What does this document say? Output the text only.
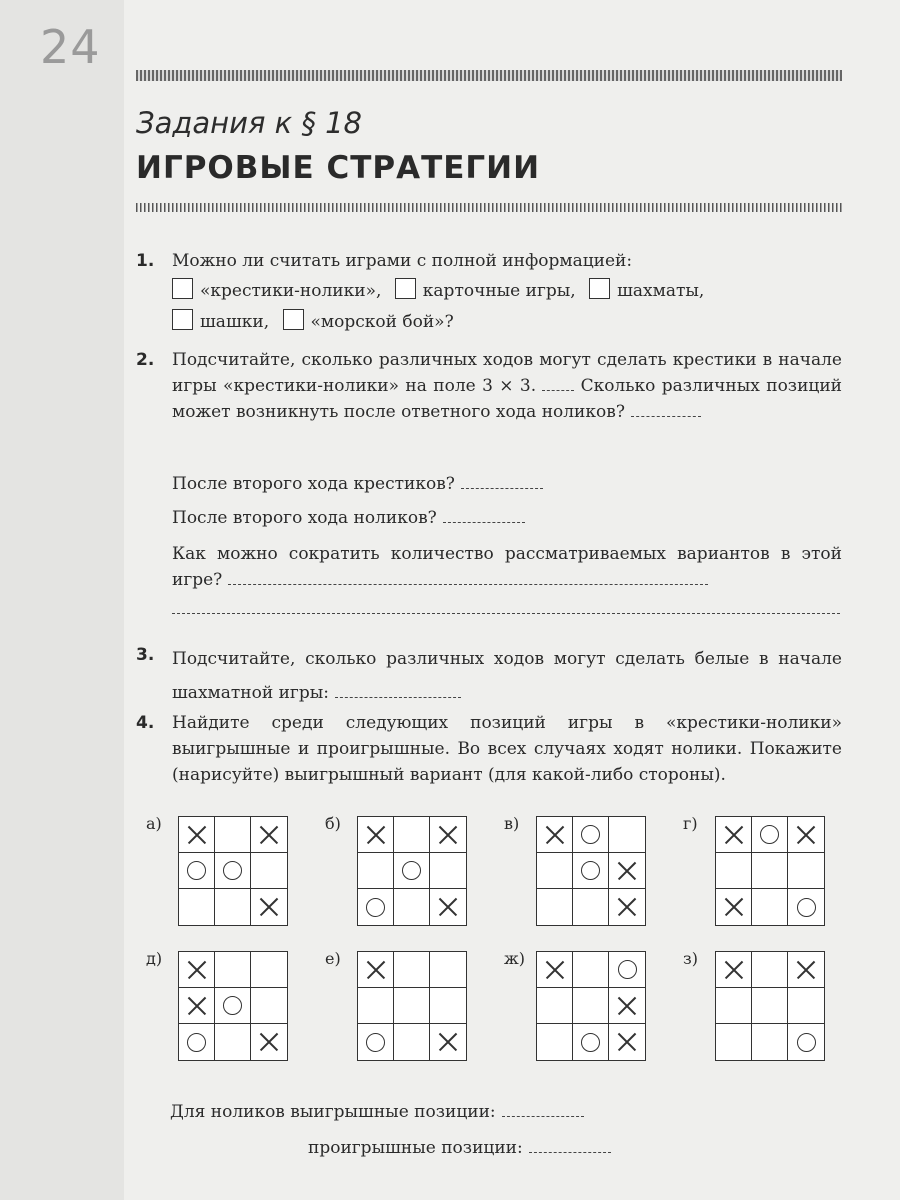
24
Задания к § 18
ИГРОВЫЕ СТРАТЕГИИ
1. Можно ли считать играми с полной информацией:
«крестики-нолики», карточные игры, шахматы,
шашки, «морской бой»?
2. Подсчитайте, сколько различных ходов могут сделать крестики в начале игры «крестики-нолики» на поле 3 × 3.	Сколько различных позиций может возникнуть после ответного хода ноликов?
После второго хода крестиков?
После второго хода ноликов?
Как можно сократить количество рассматриваемых вариантов в этой игре?
3. Подсчитайте, сколько различных ходов могут сделать белые в начале шахматной игры:
4. Найдите среди следующих позиций игры в «крестики-нолики» выигрышные и проигрышные. Во всех случаях ходят нолики. Покажите (нарисуйте) выигрышный вариант (для какой-либо стороны).
а)	б)	в)	г)
д)	е)	ж)	з)
Для ноликов выигрышные позиции:
проигрышные позиции:
